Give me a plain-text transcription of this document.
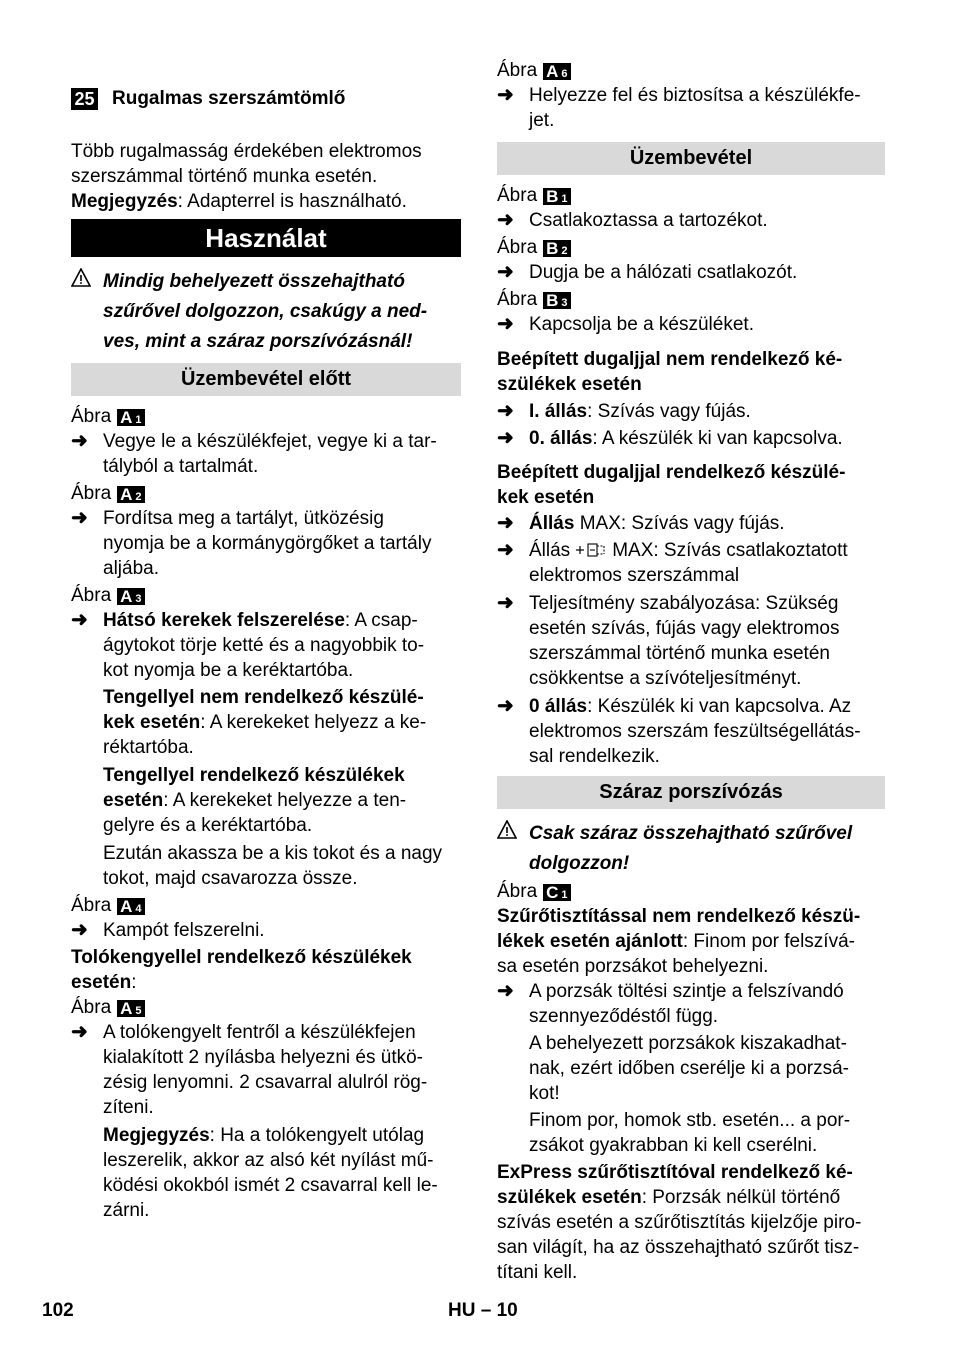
25 Rugalmas szerszámtömlő

Több rugalmasság érdekében elektromos

szerszámmal történő munka esetén.

Megjegyzés: Adapterrel is használható.

Használat

Mindig behelyezett összehajtható

szűrővel dolgozzon, csakúgy a ned-

ves, mint a száraz porszívózásnál!

Üzembevétel előtt
Ábra A 1
➜

Vegye le a készülékfejet, vegye ki a tar-

tályból a tartalmát.

Ábra A 2
➜

Fordítsa meg a tartályt, ütközésig

nyomja be a kormánygörgőket a tartály

aljába.

Ábra A 3
➜

Hátsó kerekek felszerelése: A csap-

ágytokot törje ketté és a nagyobbik to-

kot nyomja be a keréktartóba.

Tengellyel nem rendelkező készülé-

kek esetén: A kerekeket helyezz a ke-

réktartóba.

Tengellyel rendelkező készülékek

esetén: A kerekeket helyezze a ten-

gelyre és a keréktartóba.

Ezután akassza be a kis tokot és a nagy

tokot, majd csavarozza össze.

Ábra A 4
➜

Kampót felszerelni.

Tolókengyellel rendelkező készülékek

esetén:

Ábra A 5
➜

A tolókengyelt fentről a készülékfejen

kialakított 2 nyílásba helyezni és ütkö-

zésig lenyomni. 2 csavarral alulról rög-

zíteni.

Megjegyzés: Ha a tolókengyelt utólag

leszerelik, akkor az alsó két nyílást mű-

ködési okokból ismét 2 csavarral kell le-

zárni.

Ábra A 6
➜

Helyezze fel és biztosítsa a készülékfe-

jet.

Üzembevétel
Ábra B 1
➜

Csatlakoztassa a tartozékot.

Ábra B 2
➜

Dugja be a hálózati csatlakozót.

Ábra B 3
➜

Kapcsolja be a készüléket.

Beépített dugaljjal nem rendelkező ké-

szülékek esetén

➜

I. állás: Szívás vagy fújás.

➜

0. állás: A készülék ki van kapcsolva.

Beépített dugaljjal rendelkező készülé-

kek esetén

➜

Állás MAX: Szívás vagy fújás.

➜

Állás MAX: Szívás csatlakoztatott

elektromos szerszámmal

➜

Teljesítmény szabályozása: Szükség

esetén szívás, fújás vagy elektromos

szerszámmal történő munka esetén

csökkentse a szívóteljesítményt.

➜

0 állás: Készülék ki van kapcsolva. Az

elektromos szerszám feszültségellátás-

sal rendelkezik.

Száraz porszívózás

Csak száraz összehajtható szűrővel

dolgozzon!

Ábra C 1

Szűrőtisztítással nem rendelkező készü-

lékek esetén ajánlott: Finom por felszívá-

sa esetén porzsákot behelyezni.

➜

A porzsák töltési szintje a felszívandó

szennyeződéstől függ.

A behelyezett porzsákok kiszakadhat-

nak, ezért időben cserélje ki a porzsá-

kot!

Finom por, homok stb. esetén... a por-

zsákot gyakrabban ki kell cserélni.

ExPress szűrőtisztítóval rendelkező ké-

szülékek esetén: Porzsák nélkül történő

szívás esetén a szűrőtisztítás kijelzője piro-

san világít, ha az összehajtható szűrőt tisz-

títani kell.

102	HU – 10
